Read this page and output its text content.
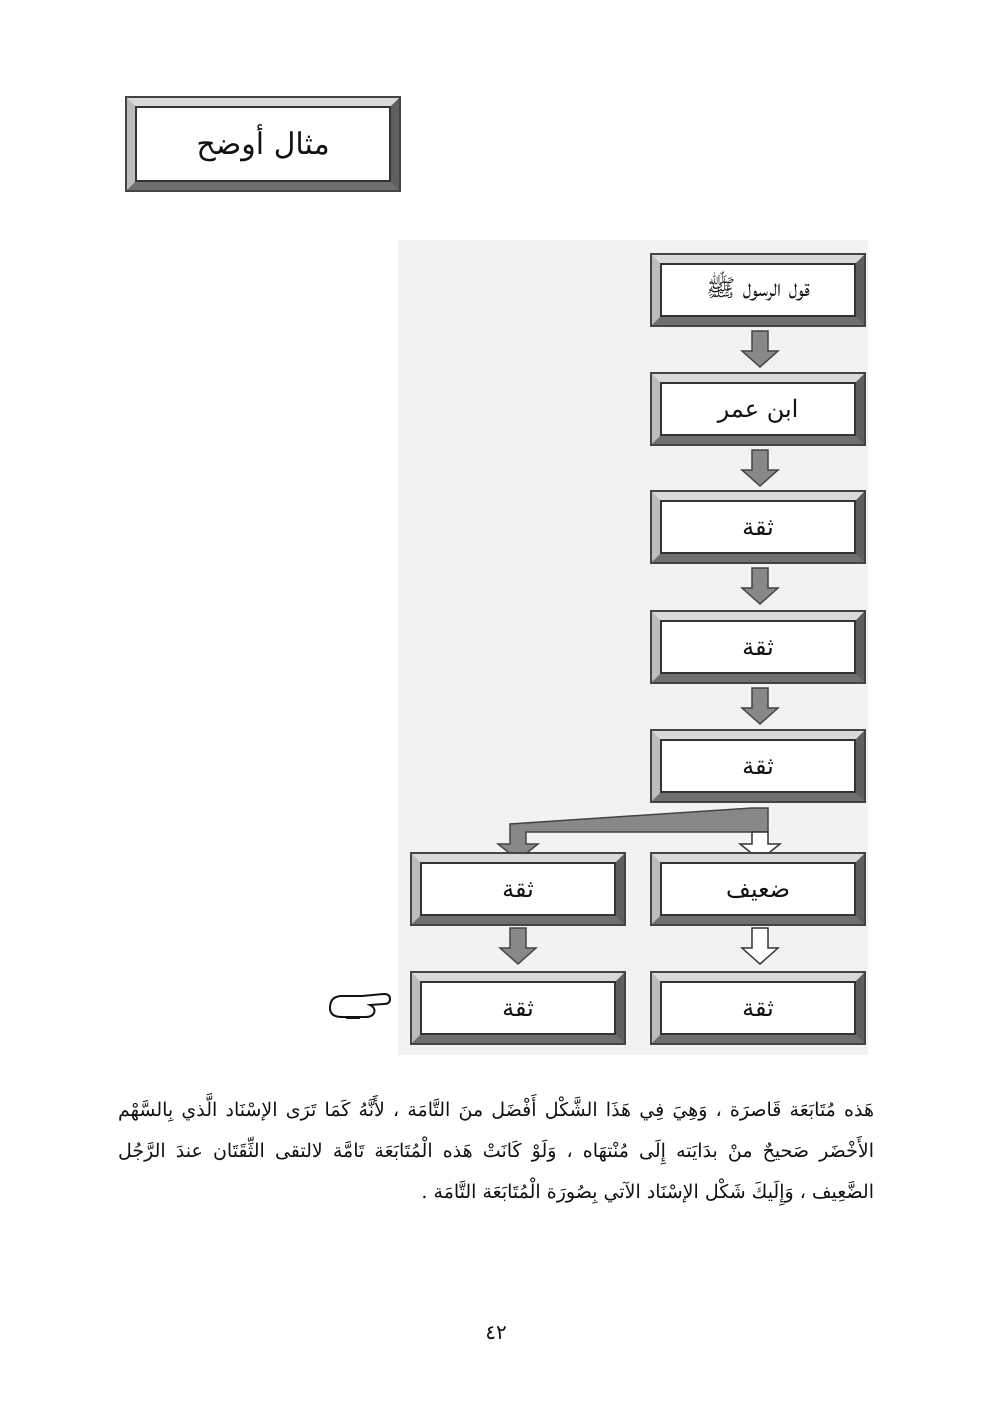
مثال أوضح
قول الرسول ﷺ
ابن عمر
ثقة
ثقة
ثقة
ضعيف
ثقة
ثقة
ثقة
هَذه مُتَابَعَة قَاصرَة ، وَهِيَ فِي هَذَا الشَّكْل أَفْضَل منَ التَّامَة ، لأَنَّهُ كَمَا تَرَى الإسْنَاد الَّذي بِالسَّهْم الأَخْضَر صَحيحٌ منْ بدَايَته إِلَى مُنْتهَاه ، وَلَوْ كَانَتْ هَذه الْمُتَابَعَة تَامَّة لالتقى الثِّقَتَان عندَ الرَّجُل الضَّعِيف ، وَإِلَيكَ شَكْل الإسْنَاد الآتي بِصُورَة الْمُتَابَعَة التَّامَة .
٤٢
